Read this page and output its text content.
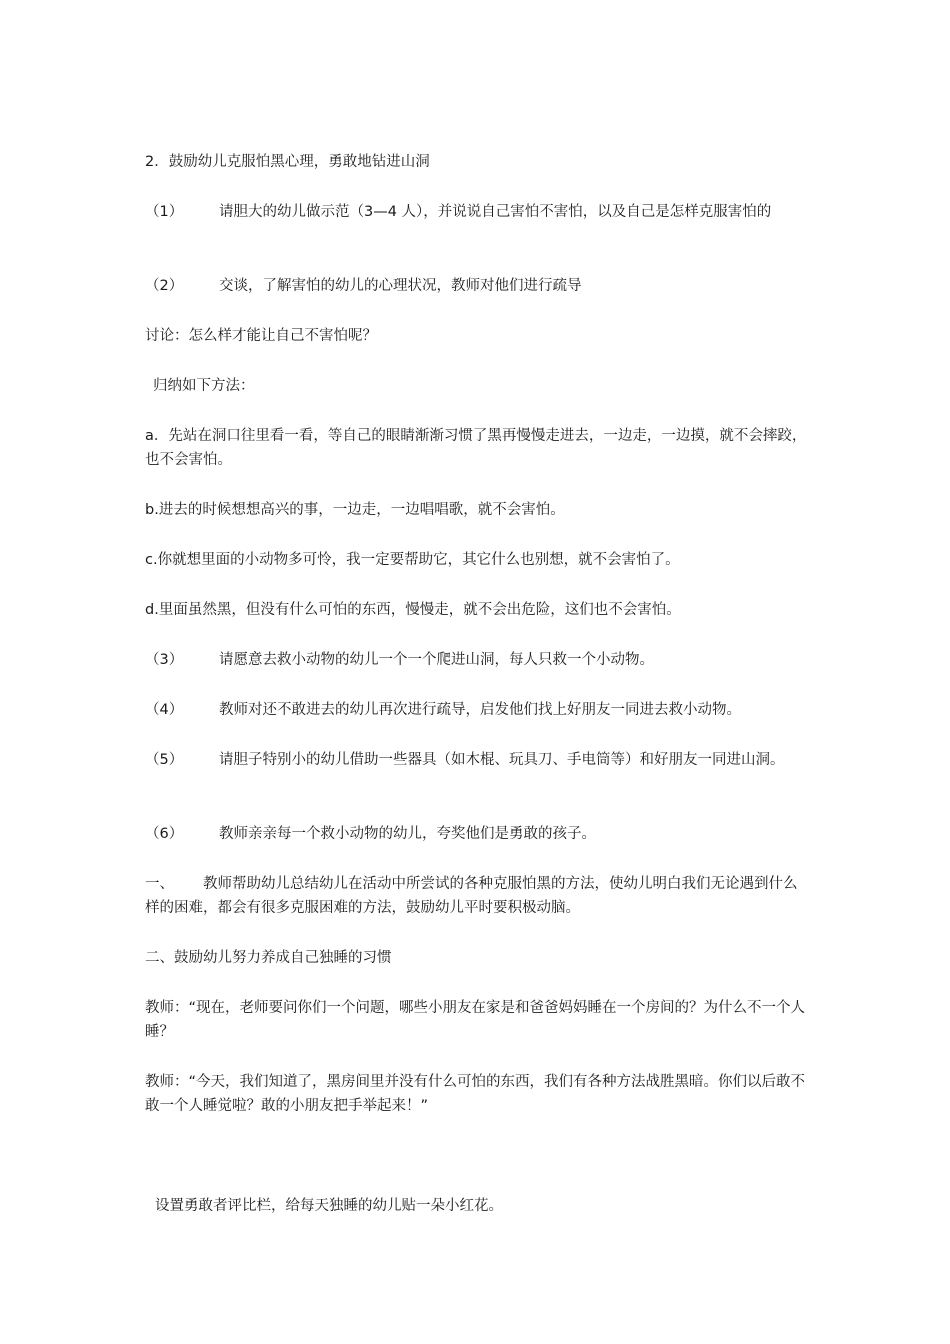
2．鼓励幼儿克服怕黑心理，勇敢地钻进山洞

（1） 请胆大的幼儿做示范（3—4 人），并说说自己害怕不害怕，以及自己是怎样克服害怕的

（2） 交谈，了解害怕的幼儿的心理状况，教师对他们进行疏导

讨论：怎么样才能让自己不害怕呢？

归纳如下方法：

a．先站在洞口往里看一看，等自己的眼睛渐渐习惯了黑再慢慢走进去，一边走，一边摸，就不会摔跤，也不会害怕。

b.进去的时候想想高兴的事，一边走，一边唱唱歌，就不会害怕。

c.你就想里面的小动物多可怜，我一定要帮助它，其它什么也别想，就不会害怕了。

d.里面虽然黑，但没有什么可怕的东西，慢慢走，就不会出危险，这们也不会害怕。

（3） 请愿意去救小动物的幼儿一个一个爬进山洞，每人只救一个小动物。

（4） 教师对还不敢进去的幼儿再次进行疏导，启发他们找上好朋友一同进去救小动物。

（5） 请胆子特别小的幼儿借助一些器具（如木棍、玩具刀、手电筒等）和好朋友一同进山洞。

（6） 教师亲亲每一个救小动物的幼儿，夸奖他们是勇敢的孩子。

一、 教师帮助幼儿总结幼儿在活动中所尝试的各种克服怕黑的方法，使幼儿明白我们无论遇到什么样的困难，都会有很多克服困难的方法，鼓励幼儿平时要积极动脑。

二、鼓励幼儿努力养成自己独睡的习惯

教师：“现在，老师要问你们一个问题，哪些小朋友在家是和爸爸妈妈睡在一个房间的？为什么不一个人睡？

教师：“今天，我们知道了，黑房间里并没有什么可怕的东西，我们有各种方法战胜黑暗。你们以后敢不敢一个人睡觉啦？敢的小朋友把手举起来！”

设置勇敢者评比栏，给每天独睡的幼儿贴一朵小红花。
